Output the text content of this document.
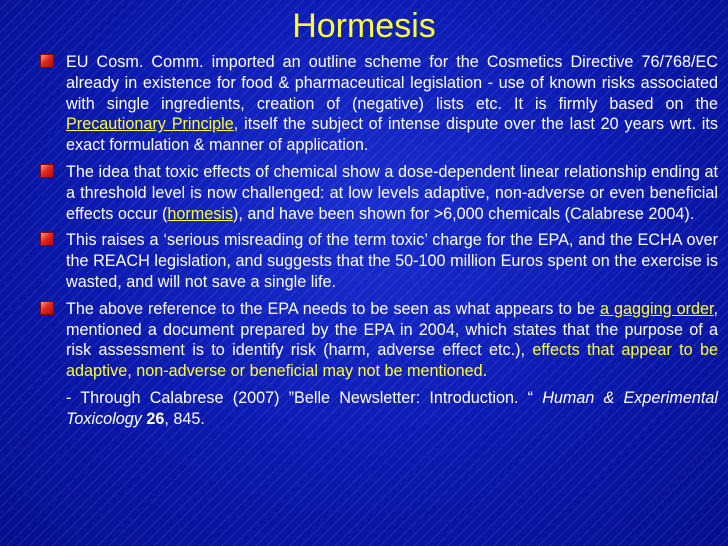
Hormesis
EU Cosm. Comm. imported an outline scheme for the Cosmetics Directive 76/768/EC already in existence for food & pharmaceutical legislation - use of known risks associated with single ingredients, creation of (negative) lists etc. It is firmly based on the Precautionary Principle, itself the subject of intense dispute over the last 20 years wrt. its exact formulation & manner of application.
The idea that toxic effects of chemical show a dose-dependent linear relationship ending at a threshold level is now challenged: at low levels adaptive, non-adverse or even beneficial effects occur (hormesis), and have been shown for >6,000 chemicals (Calabrese 2004).
This raises a ‘serious misreading of the term toxic’ charge for the EPA, and the ECHA over the REACH legislation, and suggests that the 50-100 million Euros spent on the exercise is wasted, and will not save a single life.
The above reference to the EPA needs to be seen as what appears to be a gagging order, mentioned a document prepared by the EPA in 2004, which states that the purpose of a risk assessment is to identify risk (harm, adverse effect etc.), effects that appear to be adaptive, non-adverse or beneficial may not be mentioned.
- Through Calabrese (2007) ”Belle Newsletter: Introduction. “ Human & Experimental Toxicology 26, 845.
